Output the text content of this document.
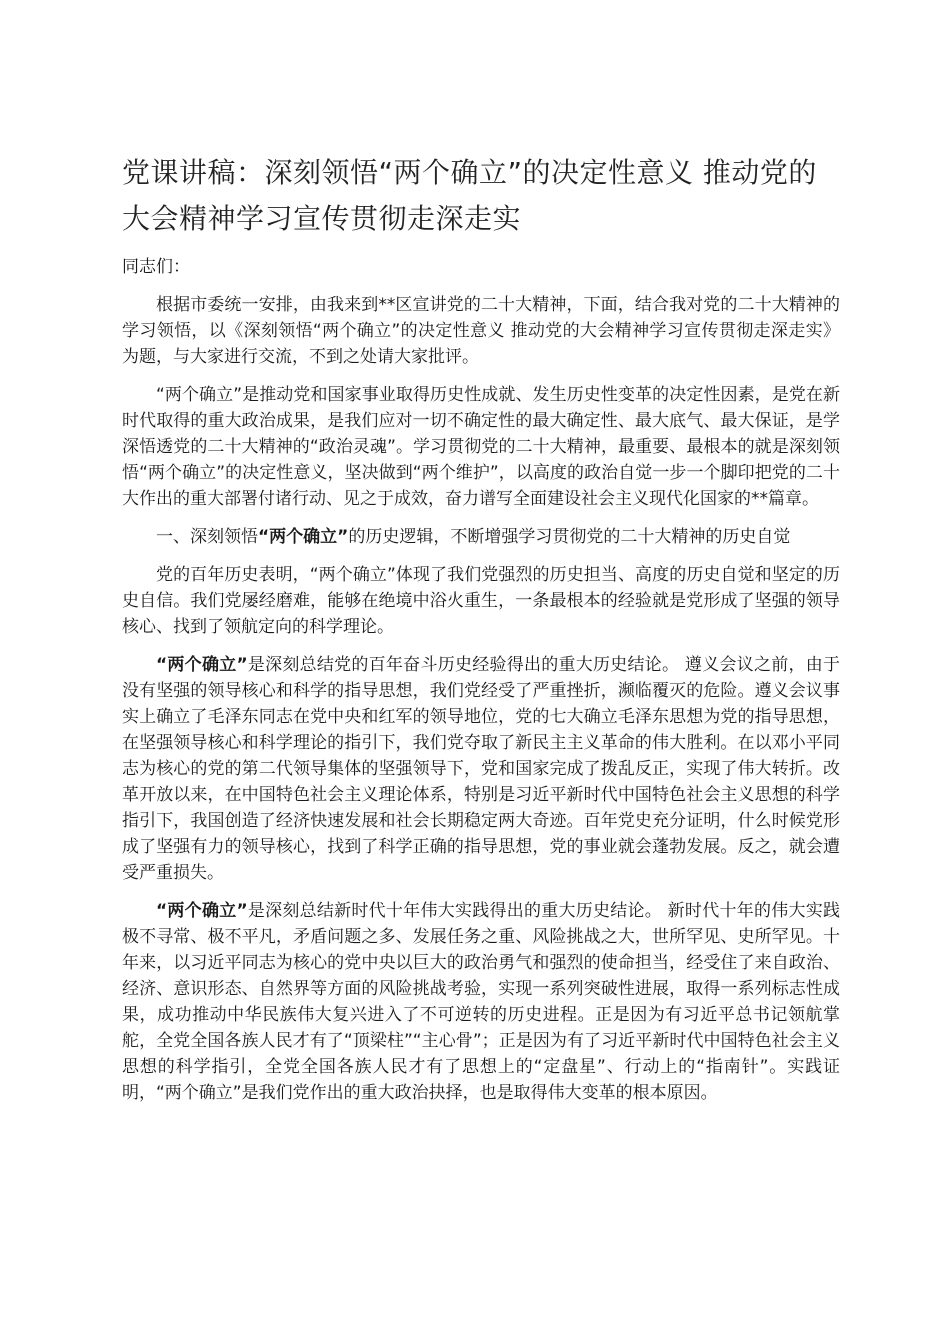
党课讲稿：深刻领悟“两个确立”的决定性意义 推动党的
大会精神学习宣传贯彻走深走实

同志们：

根据市委统一安排，由我来到**区宣讲党的二十大精神，下面，结合我对党的二十大精神的学习领悟，以《深刻领悟“两个确立”的决定性意义 推动党的大会精神学习宣传贯彻走深走实》为题，与大家进行交流，不到之处请大家批评。

“两个确立”是推动党和国家事业取得历史性成就、发生历史性变革的决定性因素，是党在新时代取得的重大政治成果，是我们应对一切不确定性的最大确定性、最大底气、最大保证，是学深悟透党的二十大精神的“政治灵魂”。学习贯彻党的二十大精神，最重要、最根本的就是深刻领悟“两个确立”的决定性意义，坚决做到“两个维护”，以高度的政治自觉一步一个脚印把党的二十大作出的重大部署付诸行动、见之于成效，奋力谱写全面建设社会主义现代化国家的**篇章。

一、深刻领悟“两个确立”的历史逻辑，不断增强学习贯彻党的二十大精神的历史自觉

党的百年历史表明，“两个确立”体现了我们党强烈的历史担当、高度的历史自觉和坚定的历史自信。我们党屡经磨难，能够在绝境中浴火重生，一条最根本的经验就是党形成了坚强的领导核心、找到了领航定向的科学理论。

“两个确立”是深刻总结党的百年奋斗历史经验得出的重大历史结论。 遵义会议之前，由于没有坚强的领导核心和科学的指导思想，我们党经受了严重挫折，濒临覆灭的危险。遵义会议事实上确立了毛泽东同志在党中央和红军的领导地位，党的七大确立毛泽东思想为党的指导思想，在坚强领导核心和科学理论的指引下，我们党夺取了新民主主义革命的伟大胜利。在以邓小平同志为核心的党的第二代领导集体的坚强领导下，党和国家完成了拨乱反正，实现了伟大转折。改革开放以来，在中国特色社会主义理论体系，特别是习近平新时代中国特色社会主义思想的科学指引下，我国创造了经济快速发展和社会长期稳定两大奇迹。百年党史充分证明，什么时候党形成了坚强有力的领导核心，找到了科学正确的指导思想，党的事业就会蓬勃发展。反之，就会遭受严重损失。

“两个确立”是深刻总结新时代十年伟大实践得出的重大历史结论。 新时代十年的伟大实践极不寻常、极不平凡，矛盾问题之多、发展任务之重、风险挑战之大，世所罕见、史所罕见。十年来，以习近平同志为核心的党中央以巨大的政治勇气和强烈的使命担当，经受住了来自政治、经济、意识形态、自然界等方面的风险挑战考验，实现一系列突破性进展，取得一系列标志性成果，成功推动中华民族伟大复兴进入了不可逆转的历史进程。正是因为有习近平总书记领航掌舵，全党全国各族人民才有了“顶梁柱”“主心骨”；正是因为有了习近平新时代中国特色社会主义思想的科学指引，全党全国各族人民才有了思想上的“定盘星”、行动上的“指南针”。实践证明，“两个确立”是我们党作出的重大政治抉择，也是取得伟大变革的根本原因。
